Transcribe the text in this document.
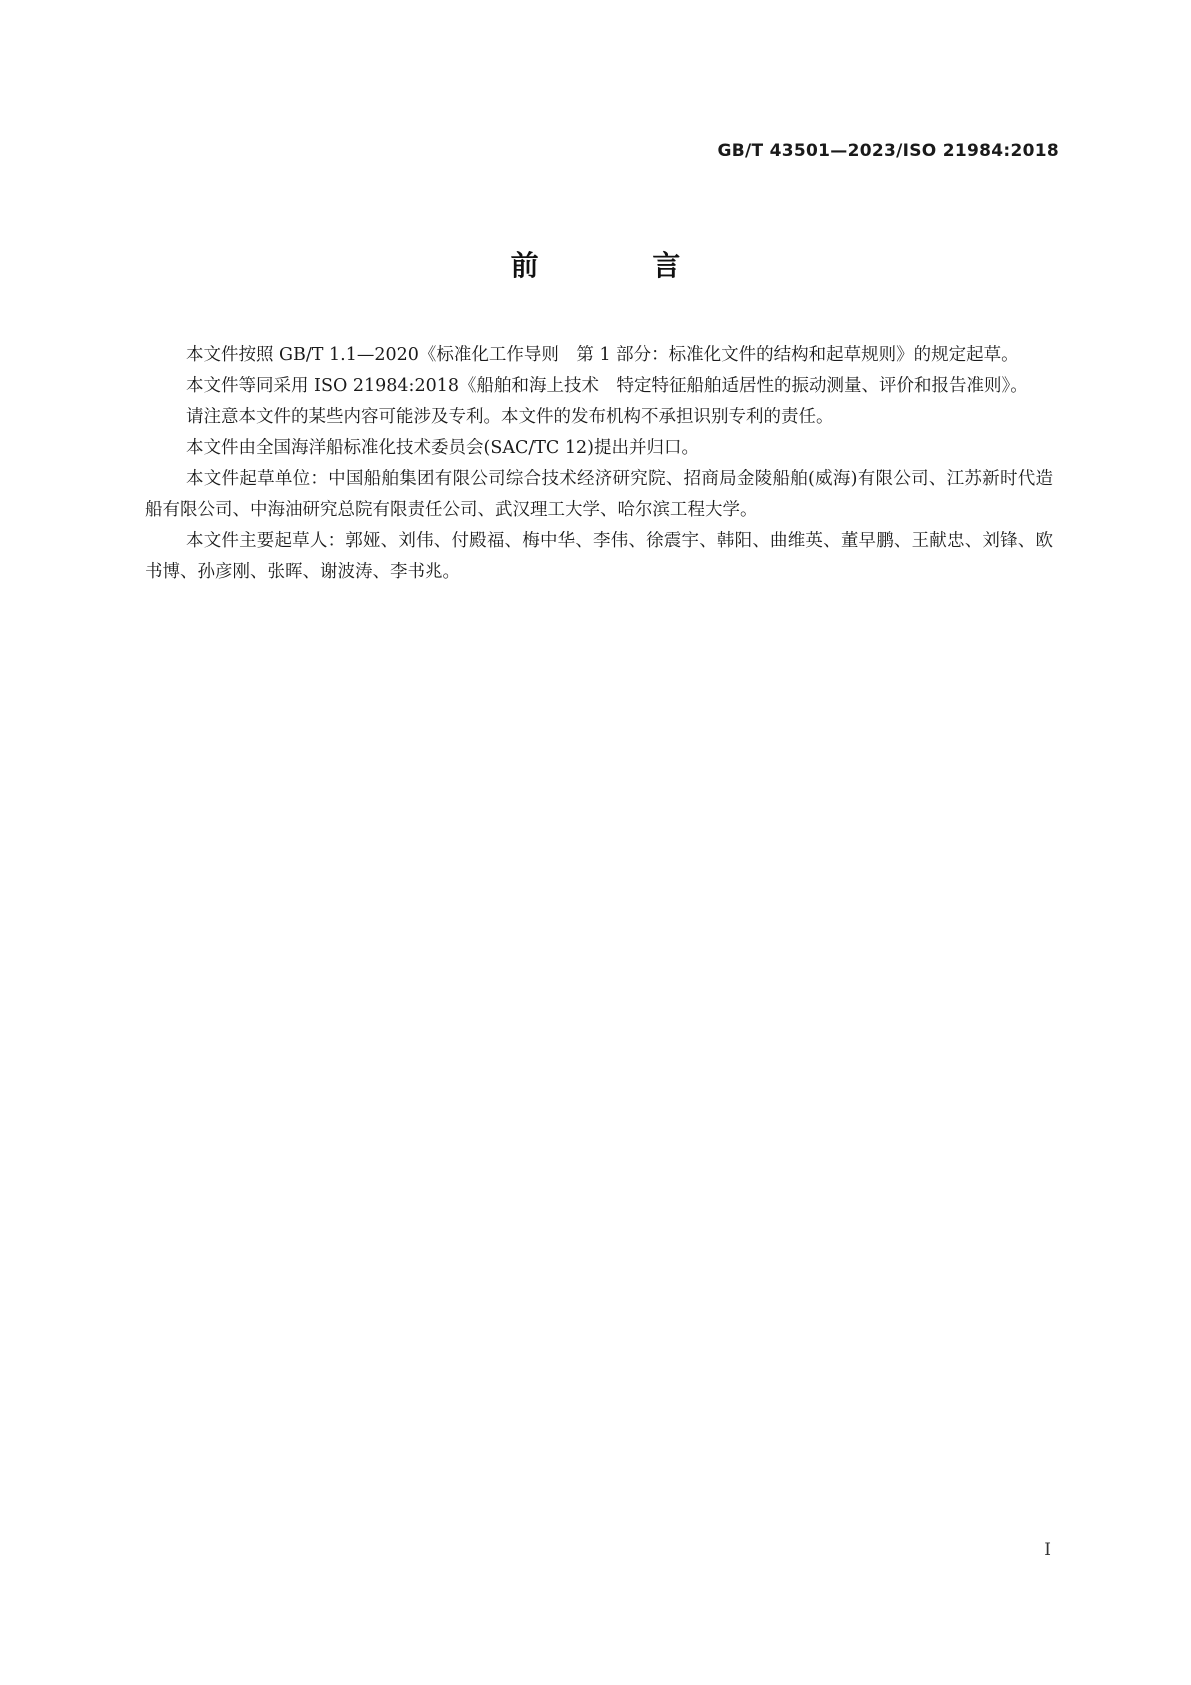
GB/T 43501—2023/ISO 21984:2018
前 言

本文件按照 GB/T 1.1—2020《标准化工作导则　第 1 部分：标准化文件的结构和起草规则》的规定起草。

本文件等同采用 ISO 21984:2018《船舶和海上技术　特定特征船舶适居性的振动测量、评价和报告准则》。

请注意本文件的某些内容可能涉及专利。本文件的发布机构不承担识别专利的责任。

本文件由全国海洋船标准化技术委员会(SAC/TC 12)提出并归口。

本文件起草单位：中国船舶集团有限公司综合技术经济研究院、招商局金陵船舶(威海)有限公司、江苏新时代造船有限公司、中海油研究总院有限责任公司、武汉理工大学、哈尔滨工程大学。

本文件主要起草人：郭娅、刘伟、付殿福、梅中华、李伟、徐震宇、韩阳、曲维英、董早鹏、王献忠、刘锋、欧书博、孙彦刚、张晖、谢波涛、李书兆。

I
